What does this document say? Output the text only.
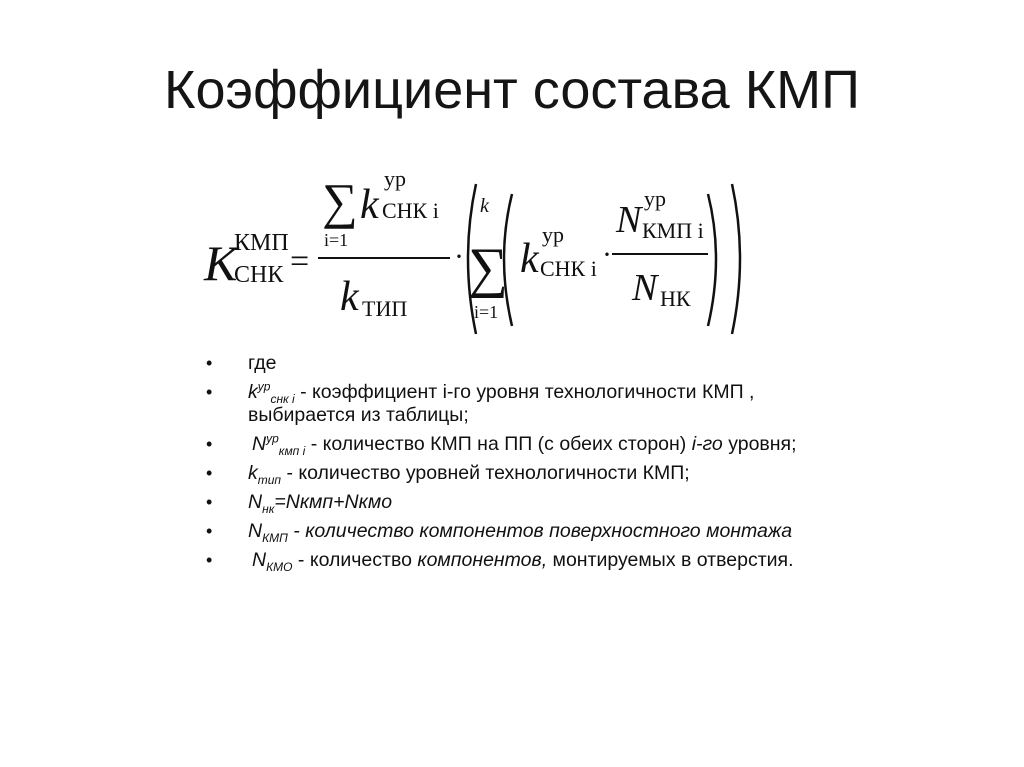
Коэффициент состава КМП
K
КМП
СНК =
∑ k
ур
СНК i
i=1
k ТИП
·
k
∑
i=1
k
ур
СНК i ·
N
ур
КМП i
N НК
• где
• $k^{ур}_{снк i}$ - коэффициент i-го уровня технологичности КМП , выбирается из таблицы;
• $N^{ур}_{кмп i}$ - количество КМП на ПП (с обеих сторон) i-го уровня;
• $k_{тип}$ - количество уровней технологичности КМП;
• $N_{нк}=Nкмп+Nкмо$
• $N_{КМП}$ - количество компонентов поверхностного монтажа
• $N_{КМО}$ - количество компонентов, монтируемых в отверстия.
